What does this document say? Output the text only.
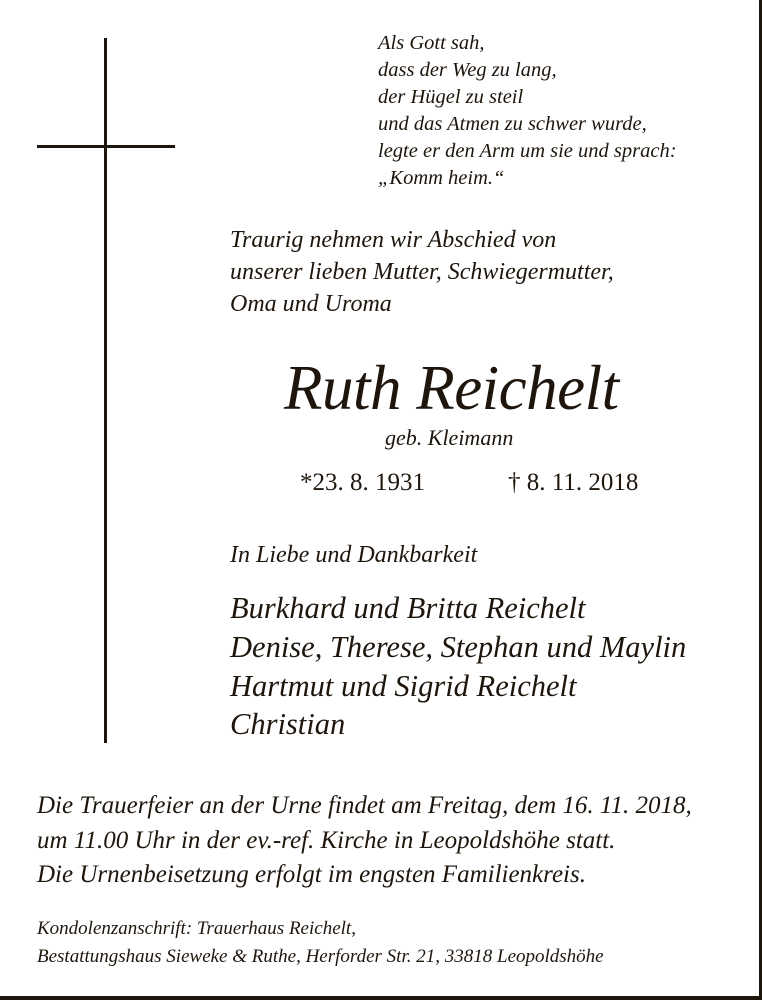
Als Gott sah,
dass der Weg zu lang,
der Hügel zu steil
und das Atmen zu schwer wurde,
legte er den Arm um sie und sprach:
„Komm heim.“
Traurig nehmen wir Abschied von
unserer lieben Mutter, Schwiegermutter,
Oma und Uroma
Ruth Reichelt
geb. Kleimann
*23. 8. 1931	† 8. 11. 2018
In Liebe und Dankbarkeit
Burkhard und Britta Reichelt
Denise, Therese, Stephan und Maylin
Hartmut und Sigrid Reichelt
Christian
Die Trauerfeier an der Urne findet am Freitag, dem 16. 11. 2018,
um 11.00 Uhr in der ev.-ref. Kirche in Leopoldshöhe statt.
Die Urnenbeisetzung erfolgt im engsten Familienkreis.
Kondolenzanschrift: Trauerhaus Reichelt,
Bestattungshaus Sieweke & Ruthe, Herforder Str. 21, 33818 Leopoldshöhe
